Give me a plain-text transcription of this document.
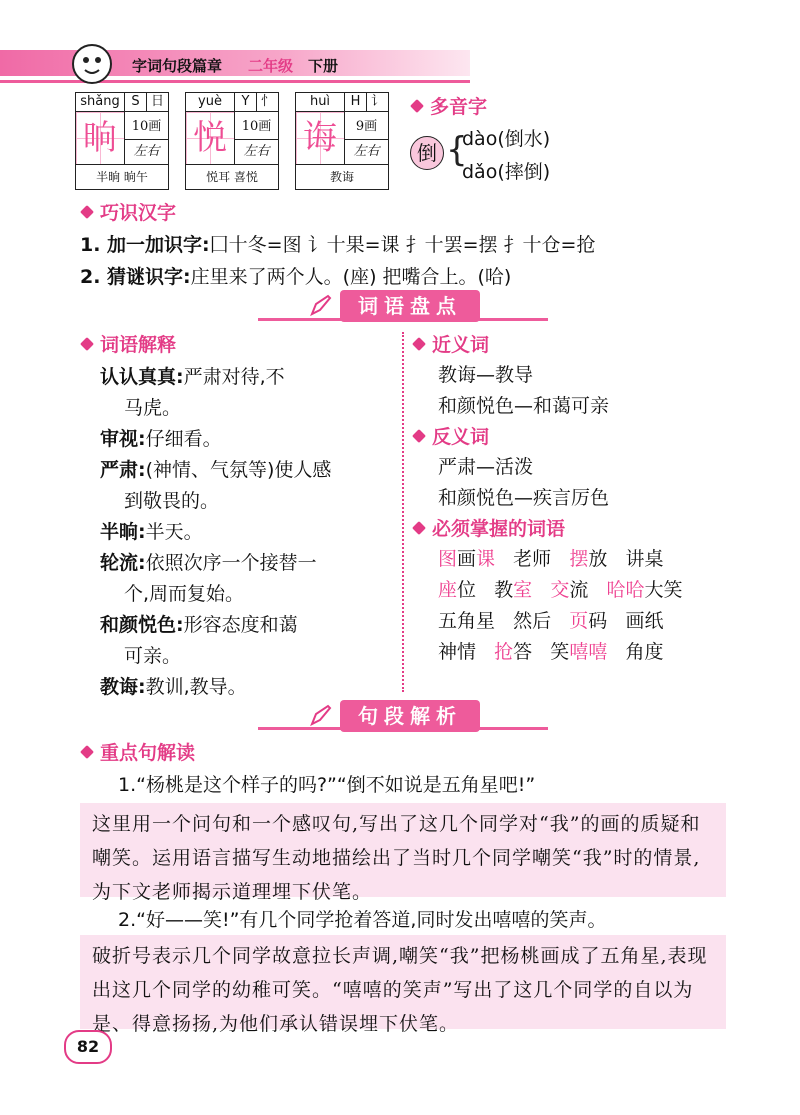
字词句段篇章 二年级 下册
shǎng S 日
晌	10画
左右
半晌 晌午
yuè	Y 忄
悦	10画
左右
悦耳 喜悦
huì	H 讠
诲	9画
左右
教诲
多音字
倒 {
dào(倒水)
dǎo(摔倒)
巧识汉字
1. 加一加识字:囗十冬=图 讠十果=课 扌十罢=摆 扌十仓=抢
2. 猜谜识字:庄里来了两个人。(座) 把嘴合上。(哈)
词语盘点
词语解释
认认真真:严肃对待,不
马虎。
审视:仔细看。
严肃:(神情、气氛等)使人感
到敬畏的。
半晌:半天。
轮流:依照次序一个接替一
个,周而复始。
和颜悦色:形容态度和蔼
可亲。
教诲:教训,教导。
近义词
教诲—教导
和颜悦色—和蔼可亲
反义词
严肃—活泼
和颜悦色—疾言厉色
必须掌握的词语
图画课 老师 摆放 讲桌
座位 教室 交流 哈哈大笑
五角星 然后 页码 画纸
神情 抢答 笑嘻嘻 角度
句段解析
重点句解读
1.“杨桃是这个样子的吗?”“倒不如说是五角星吧!”
这里用一个问句和一个感叹句,写出了这几个同学对“我”的画的质疑和嘲笑。运用语言描写生动地描绘出了当时几个同学嘲笑“我”时的情景,为下文老师揭示道理埋下伏笔。
2.“好——笑!”有几个同学抢着答道,同时发出嘻嘻的笑声。
破折号表示几个同学故意拉长声调,嘲笑“我”把杨桃画成了五角星,表现出这几个同学的幼稚可笑。“嘻嘻的笑声”写出了这几个同学的自以为是、得意扬扬,为他们承认错误埋下伏笔。
82
